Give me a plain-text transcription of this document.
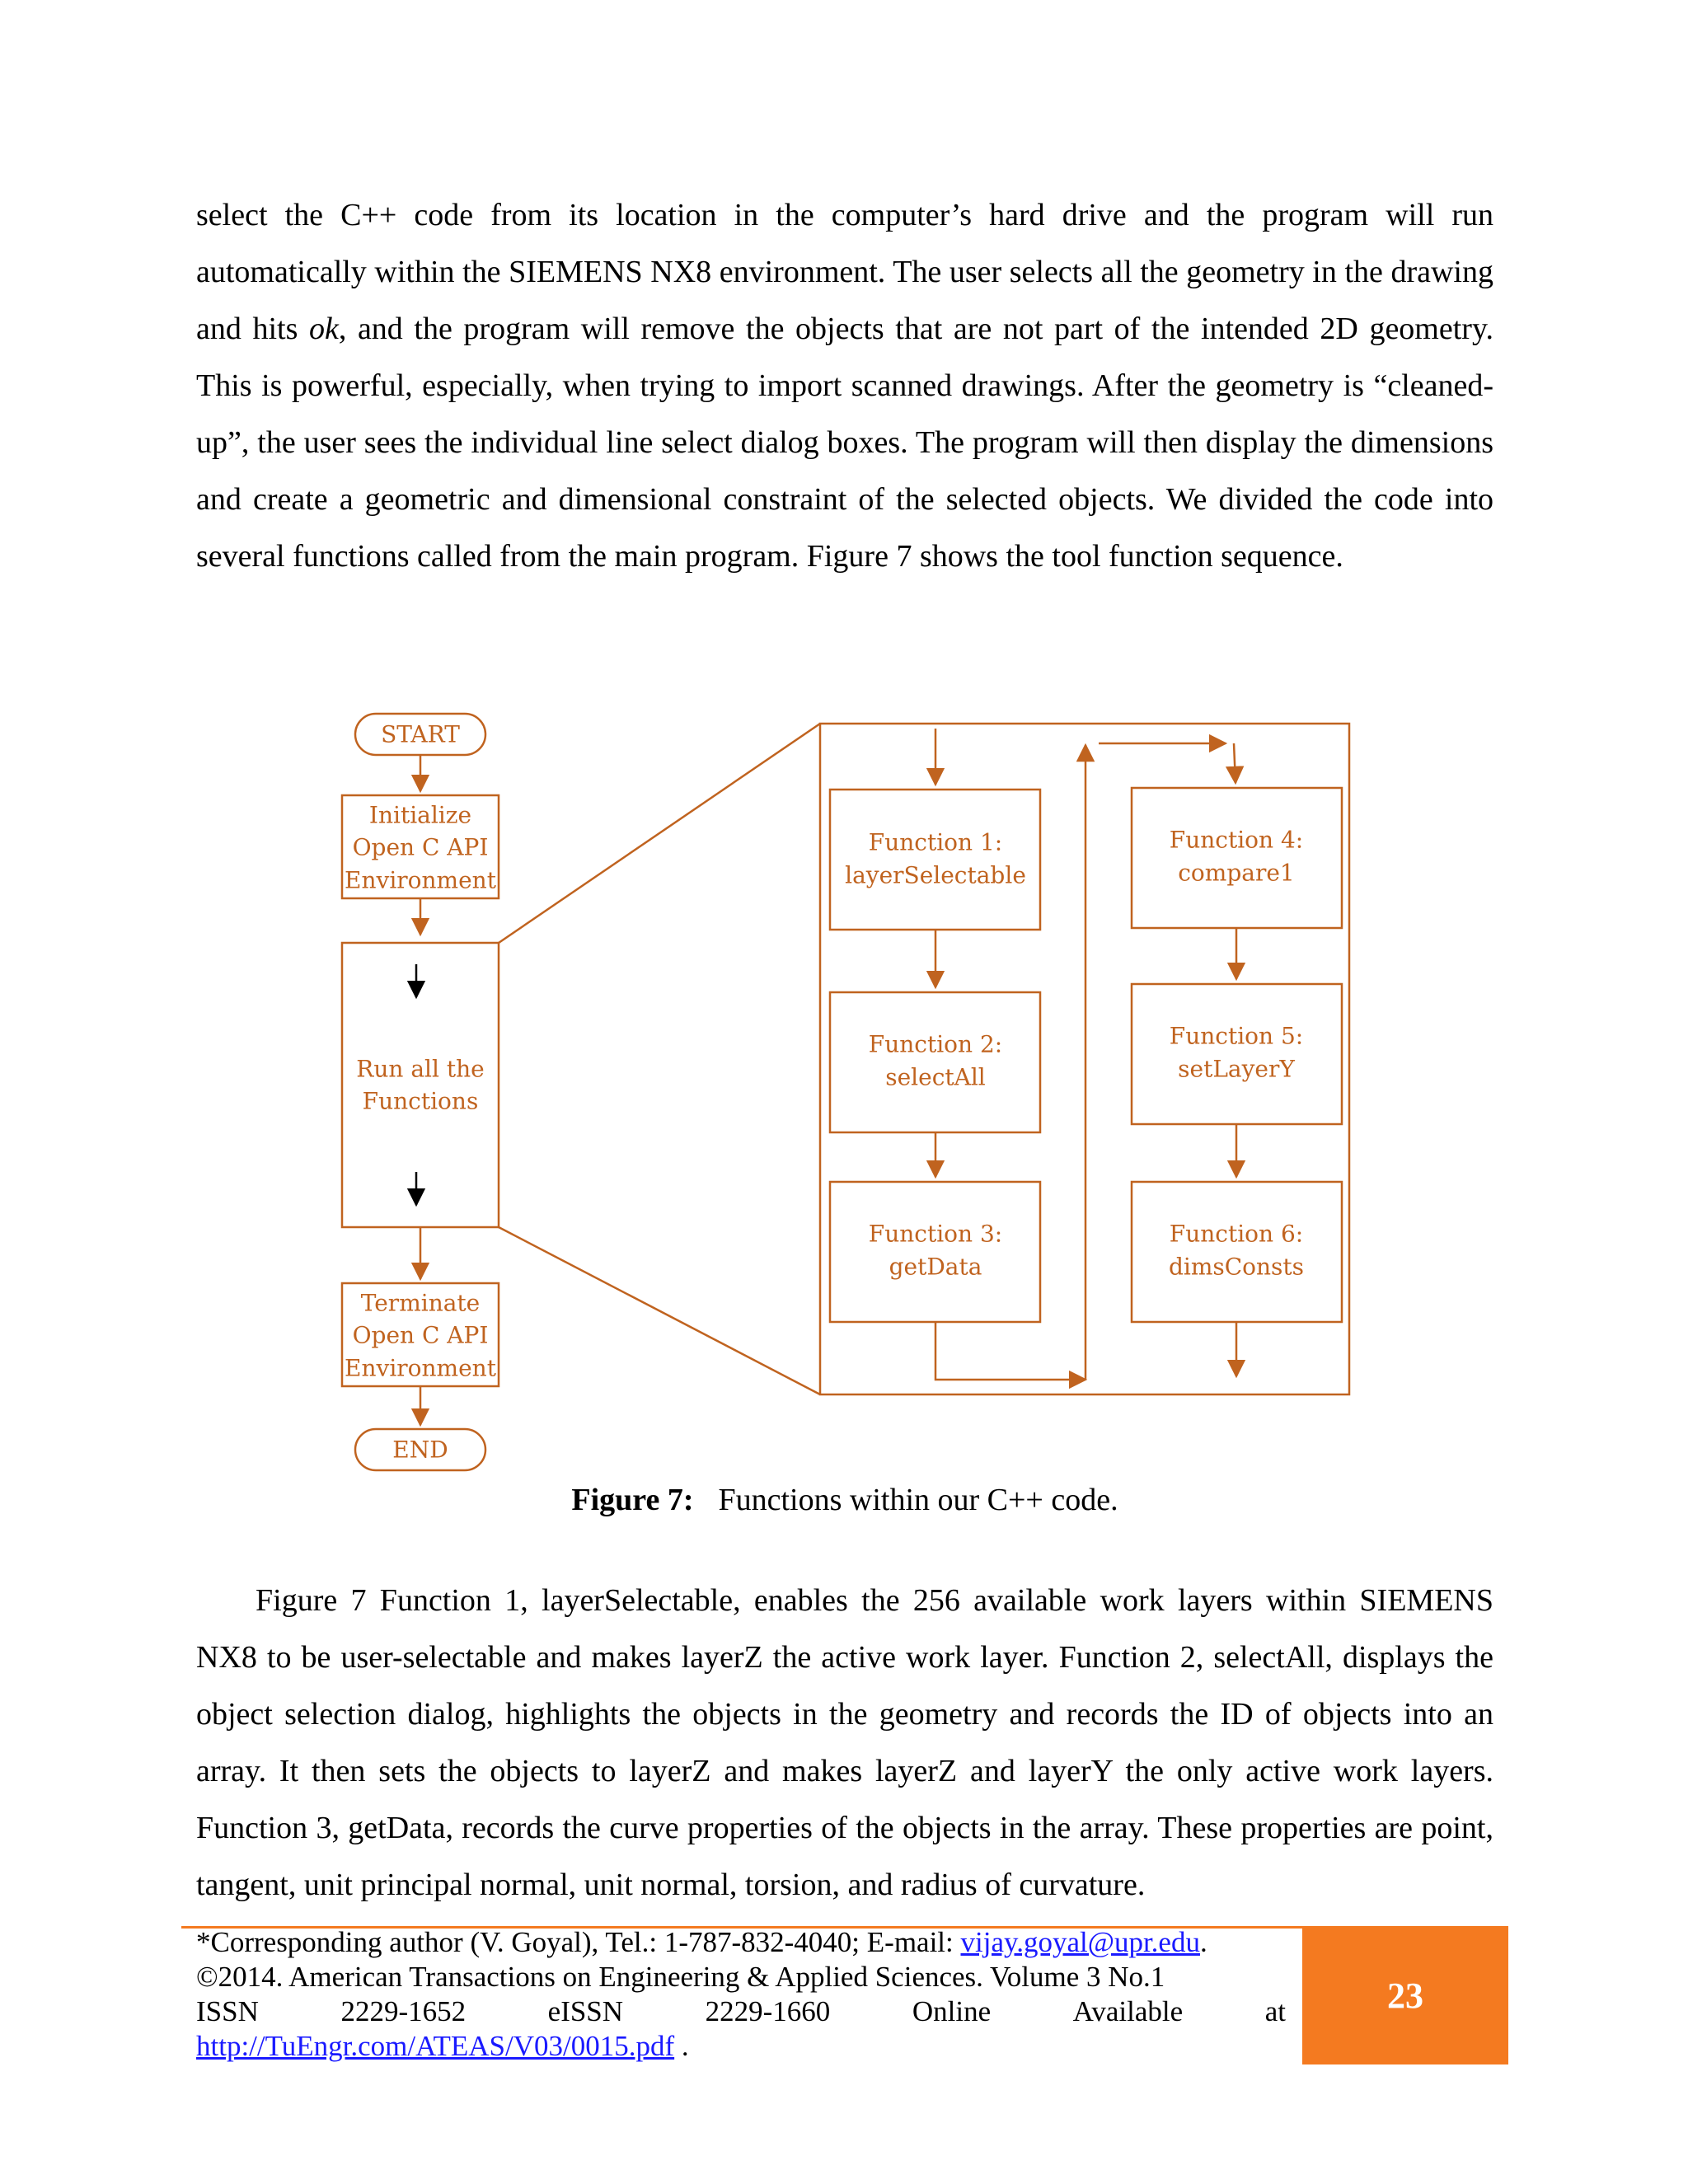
select the C++ code from its location in the computer’s hard drive and the program will run automatically within the SIEMENS NX8 environment. The user selects all the geometry in the drawing and hits ok, and the program will remove the objects that are not part of the intended 2D geometry. This is powerful, especially, when trying to import scanned drawings. After the geometry is “cleaned-up”, the user sees the individual line select dialog boxes. The program will then display the dimensions and create a geometric and dimensional constraint of the selected objects. We divided the code into several functions called from the main program. Figure 7 shows the tool function sequence.

START
Initialize
Open C API
Environment
Run all the
Functions
Terminate
Open C API
Environment
END
Function 1:
layerSelectable
Function 2:
selectAll
Function 3:
getData
Function 4:
compare1
Function 5:
setLayerY
Function 6:
dimsConsts
Figure 7: Functions within our C++ code.

Figure 7 Function 1, layerSelectable, enables the 256 available work layers within SIEMENS NX8 to be user-selectable and makes layerZ the active work layer. Function 2, selectAll, displays the object selection dialog, highlights the objects in the geometry and records the ID of objects into an array. It then sets the objects to layerZ and makes layerZ and layerY the only active work layers. Function 3, getData, records the curve properties of the objects in the array. These properties are point, tangent, unit principal normal, unit normal, torsion, and radius of curvature.

*Corresponding author (V. Goyal), Tel.: 1-787-832-4040; E-mail: vijay.goyal@upr.edu.
©2014. American Transactions on Engineering & Applied Sciences. Volume 3 No.1
ISSN	2229-1652	eISSN	2229-1660	Online	Available	at
http://TuEngr.com/ATEAS/V03/0015.pdf .
23
